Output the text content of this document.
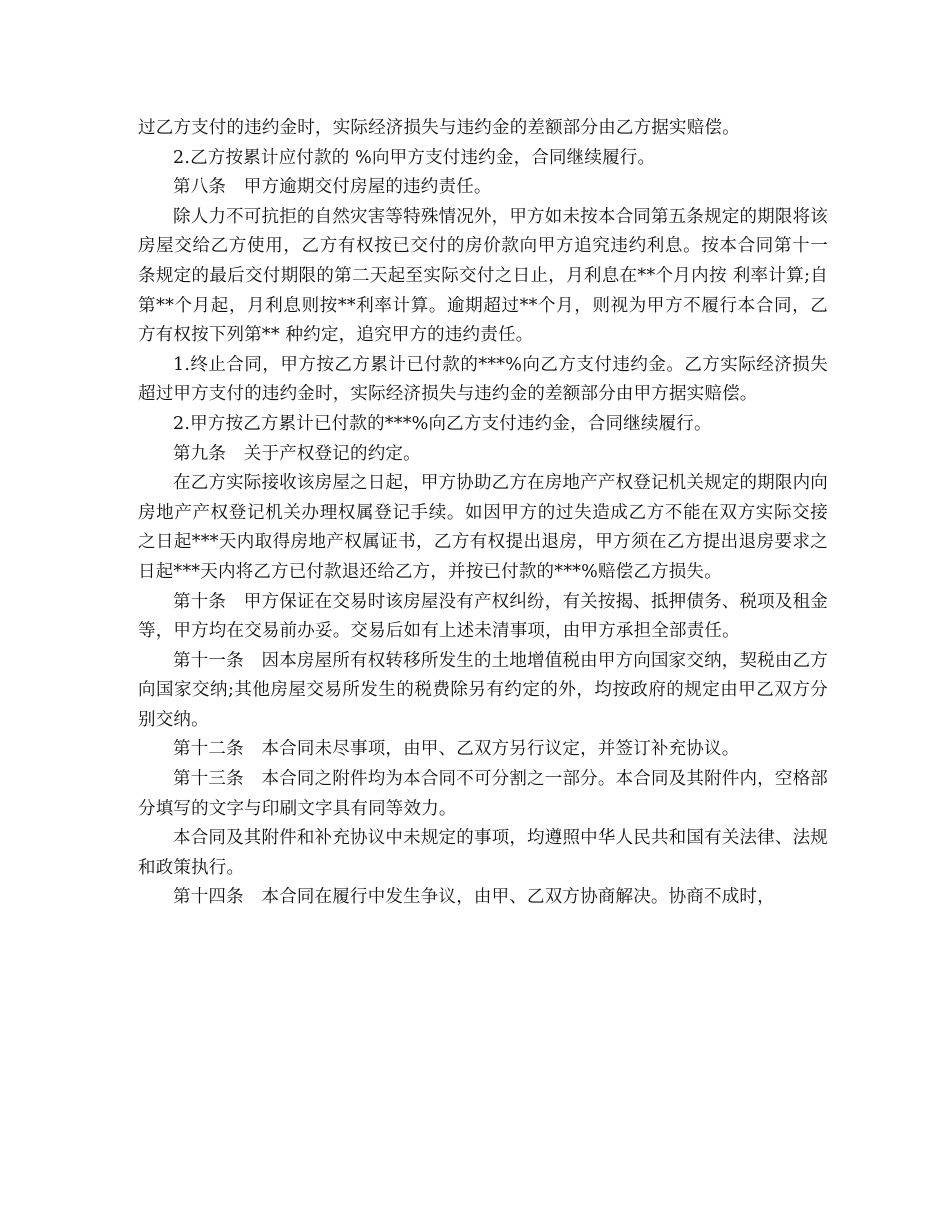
过乙方支付的违约金时，实际经济损失与违约金的差额部分由乙方据实赔偿。

2.乙方按累计应付款的 %向甲方支付违约金，合同继续履行。

第八条　甲方逾期交付房屋的违约责任。

除人力不可抗拒的自然灾害等特殊情况外，甲方如未按本合同第五条规定的期限将该房屋交给乙方使用，乙方有权按已交付的房价款向甲方追究违约利息。按本合同第十一条规定的最后交付期限的第二天起至实际交付之日止，月利息在**个月内按 利率计算;自第**个月起，月利息则按**利率计算。逾期超过**个月，则视为甲方不履行本合同，乙方有权按下列第** 种约定，追究甲方的违约责任。

1.终止合同，甲方按乙方累计已付款的***%向乙方支付违约金。乙方实际经济损失超过甲方支付的违约金时，实际经济损失与违约金的差额部分由甲方据实赔偿。

2.甲方按乙方累计已付款的***%向乙方支付违约金，合同继续履行。

第九条　关于产权登记的约定。

在乙方实际接收该房屋之日起，甲方协助乙方在房地产产权登记机关规定的期限内向房地产产权登记机关办理权属登记手续。如因甲方的过失造成乙方不能在双方实际交接之日起***天内取得房地产权属证书，乙方有权提出退房，甲方须在乙方提出退房要求之日起***天内将乙方已付款退还给乙方，并按已付款的***%赔偿乙方损失。

第十条　甲方保证在交易时该房屋没有产权纠纷，有关按揭、抵押债务、税项及租金等，甲方均在交易前办妥。交易后如有上述未清事项，由甲方承担全部责任。

第十一条　因本房屋所有权转移所发生的土地增值税由甲方向国家交纳，契税由乙方向国家交纳;其他房屋交易所发生的税费除另有约定的外，均按政府的规定由甲乙双方分别交纳。

第十二条　本合同未尽事项，由甲、乙双方另行议定，并签订补充协议。

第十三条　本合同之附件均为本合同不可分割之一部分。本合同及其附件内，空格部分填写的文字与印刷文字具有同等效力。

本合同及其附件和补充协议中未规定的事项，均遵照中华人民共和国有关法律、法规和政策执行。

第十四条　本合同在履行中发生争议，由甲、乙双方协商解决。协商不成时，
